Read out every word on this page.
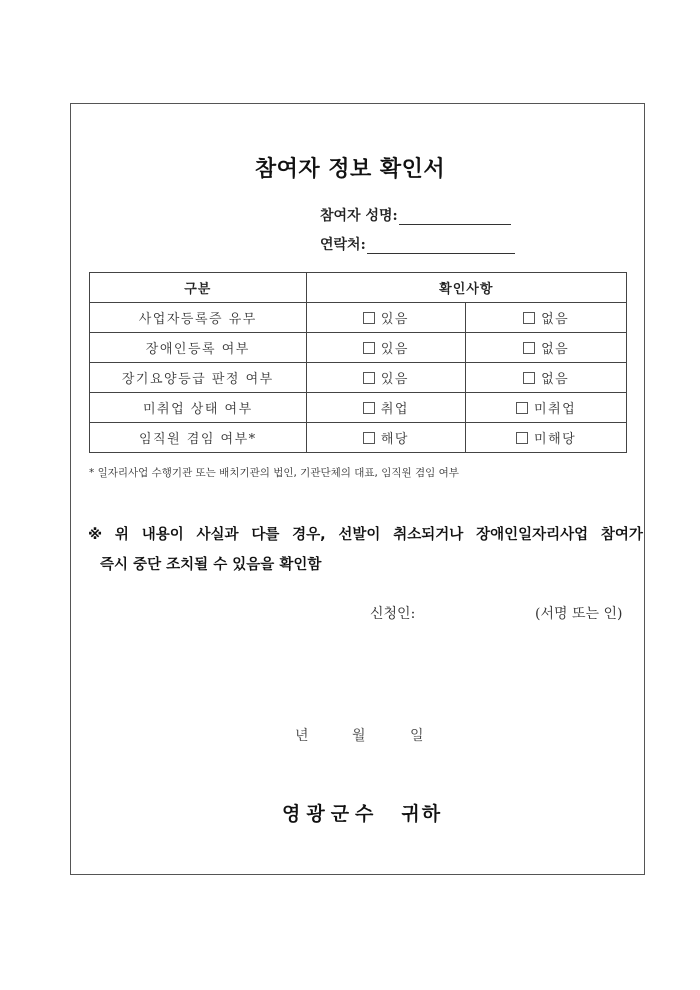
참여자 정보 확인서
참여자 성명:
연락처:
구분	확인사항	
사업자등록증 유무	있음	없음
장애인등록 여부	있음	없음
장기요양등급 판정 여부	있음	없음
미취업 상태 여부	취업	미취업
임직원 겸임 여부*	해당	미해당
* 일자리사업 수행기관 또는 배치기관의 법인, 기관단체의 대표, 임직원 겸임 여부
※ 위 내용이 사실과 다를 경우, 선발이 취소되거나 장애인일자리사업 참여가
즉시 중단 조치될 수 있음을 확인함
신청인:	(서명 또는 인)
년	월	일
영광군수 귀하
